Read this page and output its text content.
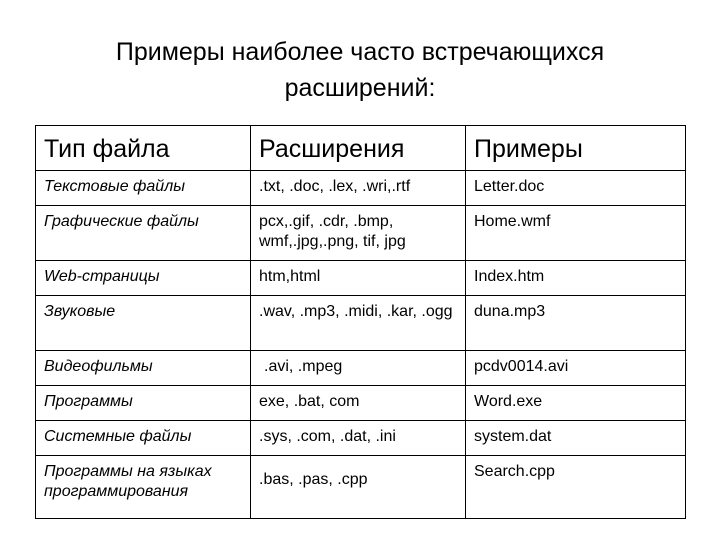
Примеры наиболее часто встречающихся
расширений:
Тип файла	Расширения	Примеры
Текстовые файлы	.txt, .doc, .lex, .wri,.rtf	Letter.doc
Графические файлы	pcx,.gif, .cdr, .bmp, wmf,.jpg,.png, tif, jpg	Home.wmf
Web-страницы	htm,html	Index.htm
Звуковые	.wav, .mp3, .midi, .kar, .ogg	duna.mp3
Видеофильмы	.avi, .mpeg	pcdv0014.avi
Программы	exe, .bat, com	Word.exe
Системные файлы	.sys, .com, .dat, .ini	system.dat
Программы на языках программирования	.bas, .pas, .cpp	Search.cpp
